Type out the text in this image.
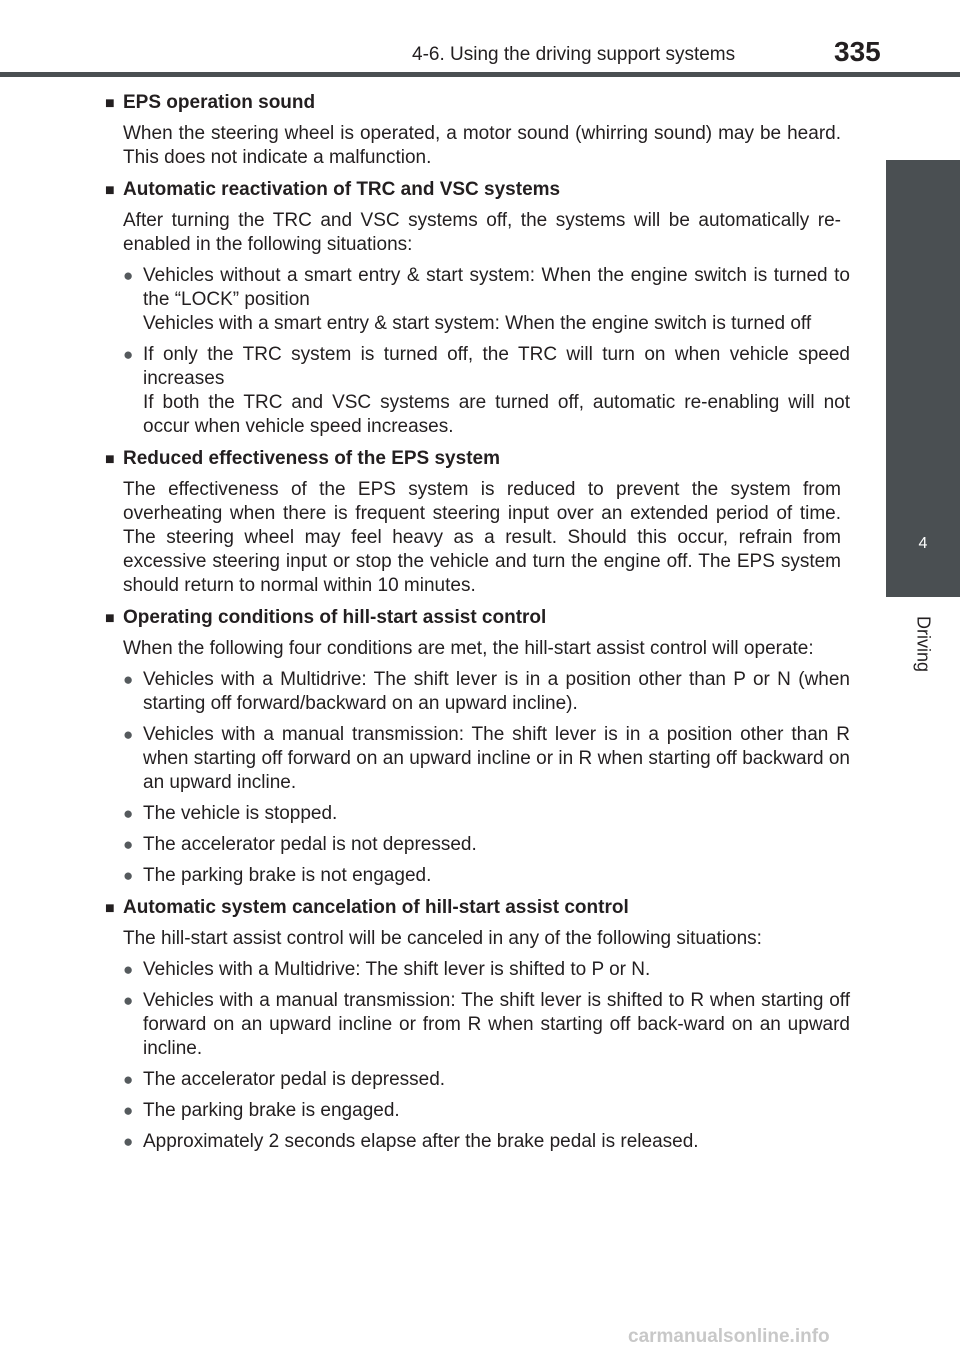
4-6. Using the driving support systems	335
4
Driving
■ EPS operation sound
When the steering wheel is operated, a motor sound (whirring sound) may be heard. This does not indicate a malfunction.
■ Automatic reactivation of TRC and VSC systems
After turning the TRC and VSC systems off, the systems will be automatically re-enabled in the following situations:
● Vehicles without a smart entry & start system: When the engine switch is turned to the “LOCK” position

Vehicles with a smart entry & start system: When the engine switch is turned off

● If only the TRC system is turned off, the TRC will turn on when vehicle speed increases

If both the TRC and VSC systems are turned off, automatic re-enabling will not occur when vehicle speed increases.

■ Reduced effectiveness of the EPS system
The effectiveness of the EPS system is reduced to prevent the system from overheating when there is frequent steering input over an extended period of time. The steering wheel may feel heavy as a result. Should this occur, refrain from excessive steering input or stop the vehicle and turn the engine off. The EPS system should return to normal within 10 minutes.
■ Operating conditions of hill-start assist control
When the following four conditions are met, the hill-start assist control will operate:
● Vehicles with a Multidrive: The shift lever is in a position other than P or N (when starting off forward/backward on an upward incline).

● Vehicles with a manual transmission: The shift lever is in a position other than R when starting off forward on an upward incline or in R when starting off backward on an upward incline.

● The vehicle is stopped.

● The accelerator pedal is not depressed.

● The parking brake is not engaged.

■ Automatic system cancelation of hill-start assist control
The hill-start assist control will be canceled in any of the following situations:
● Vehicles with a Multidrive: The shift lever is shifted to P or N.

● Vehicles with a manual transmission: The shift lever is shifted to R when starting off forward on an upward incline or from R when starting off back-ward on an upward incline.

● The accelerator pedal is depressed.

● The parking brake is engaged.

● Approximately 2 seconds elapse after the brake pedal is released.

carmanualsonline.info
